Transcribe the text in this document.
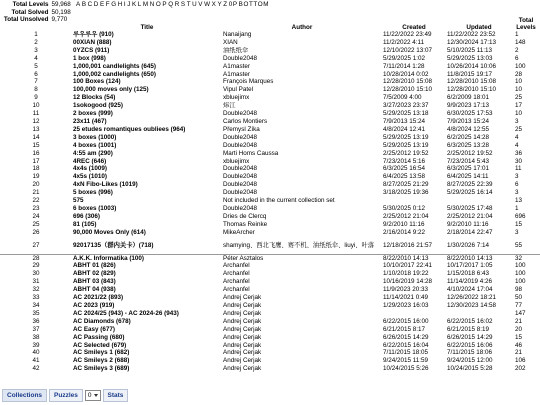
Total Levels 59,968
Total Solved 50,198
Total Unsolved 9,770
ABCDEFGHIJKLMNOPQRSTUVWXYZ0PBOTTOM
	Title	Author	Created	Updated	Total Levels
1	루우루우 (910)	Nanaijang	11/22/2022 23:49	11/22/2022 23:52	1
2	00XIAN (888)	XIAN	11/2/2022 4:11	12/30/2024 17:13	148
3	0YZCS (911)	油纸纸伞	12/10/2022 13:07	5/10/2025 11:13	2
4	1 box (998)	Double2048	5/29/2025 1:02	5/29/2025 13:03	6
5	1,000,001 candlelights (645)	A1master	7/11/2014 1:28	10/26/2014 10:06	100
6	1,000,002 candlelights (650)	A1master	10/28/2014 0:02	11/8/2015 19:17	28
7	100 Boxes (124)	François Marques	12/28/2010 15:08	12/28/2010 15:08	10
8	100,000 moves only (125)	Vipul Patel	12/28/2010 15:10	12/28/2010 15:10	10
9	12 Blocks (54)	xbluejimx	7/5/2009 4:00	6/2/2009 18:01	25
10	1sokogood (925)	炜江	3/27/2023 23:37	9/9/2023 17:13	17
11	2 boxes (999)	Double2048	5/29/2025 13:18	6/30/2025 17:53	10
12	23x11 (467)	Carlos Montiers	7/9/2013 15:24	7/9/2013 15:24	3
13	25 etudes romantiques oubliees (964)	Přemysl Zíka	4/8/2024 12:41	4/8/2024 12:55	25
14	3 boxes (1000)	Double2048	5/29/2025 13:19	6/2/2025 14:28	4
15	4 boxes (1001)	Double2048	5/29/2025 13:19	6/3/2025 13:28	4
16	4:55 am (290)	Marti Homs Caussa	2/25/2012 19:52	2/25/2012 19:52	36
17	4REC (646)	xbluejimx	7/23/2014 5:16	7/23/2014 5:43	30
18	4x4s (1009)	Double2048	6/3/2025 16:54	6/3/2025 17:01	11
19	4x5s (1010)	Double2048	6/4/2025 13:58	6/4/2025 14:11	3
20	4xN Fibo-Likes (1019)	Double2048	8/27/2025 21:29	8/27/2025 22:39	6
21	5 boxes (996)	Double2048	3/18/2025 19:36	5/29/2025 16:14	3
22	575	Not included in the current collection set			13
23	6 boxes (1003)	Double2048	5/30/2025 0:12	5/30/2025 17:48	1
24	696 (306)	Dries de Clercq	2/25/2012 21:04	2/25/2012 21:04	696
25	81 (105)	Thomas Reinke	9/2/2010 11:16	9/2/2010 11:16	15
26	90,000 Moves Only (614)	MikeArcher	2/16/2014 9:22	2/18/2014 22:47	3
27	92017135（群内关卡）(718)	shamying、西北飞鹰、赛不机、油纸纸伞、liuyi、叶落	12/18/2016 21:57	1/30/2026 7:14	55
28	A.K.K. Informatika (100)	Péter Asztalos	8/22/2010 14:13	8/22/2010 14:13	32
29	ABHT 01 (826)	Archanfel	10/10/2017 22:41	10/17/2017 1:05	100
30	ABHT 02 (829)	Archanfel	1/10/2018 19:22	1/15/2018 6:43	100
31	ABHT 03 (843)	Archanfel	10/16/2019 14:28	11/14/2019 4:26	100
32	ABHT 04 (938)	Archanfel	11/9/2023 20:33	4/10/2024 17:04	98
33	AC 2021/22 (893)	Andrej Cerjak	11/14/2021 0:49	12/26/2022 18:21	50
34	AC 2023 (919)	Andrej Cerjak	1/29/2023 16:03	12/30/2023 14:58	77
35	AC 2024/25 (943) - AC 2024-26 (943)	Andrej Cerjak			147
36	AC Diamonds (678)	Andrej Cerjak	6/22/2015 16:00	6/22/2015 16:02	21
37	AC Easy (677)	Andrej Cerjak	6/21/2015 8:17	6/21/2015 8:19	20
38	AC Passing (680)	Andrej Cerjak	6/26/2015 14:29	6/26/2015 14:29	15
39	AC Selected (679)	Andrej Cerjak	6/22/2015 16:04	6/22/2015 16:06	46
40	AC Smileys 1 (682)	Andrej Cerjak	7/11/2015 18:05	7/11/2015 18:06	21
41	AC Smileys 2 (688)	Andrej Cerjak	9/24/2015 11:59	9/24/2015 12:00	106
42	AC Smileys 3 (689)	Andrej Cerjak	10/24/2015 5:26	10/24/2015 5:28	202
Collections	Puzzles	0	Stats
